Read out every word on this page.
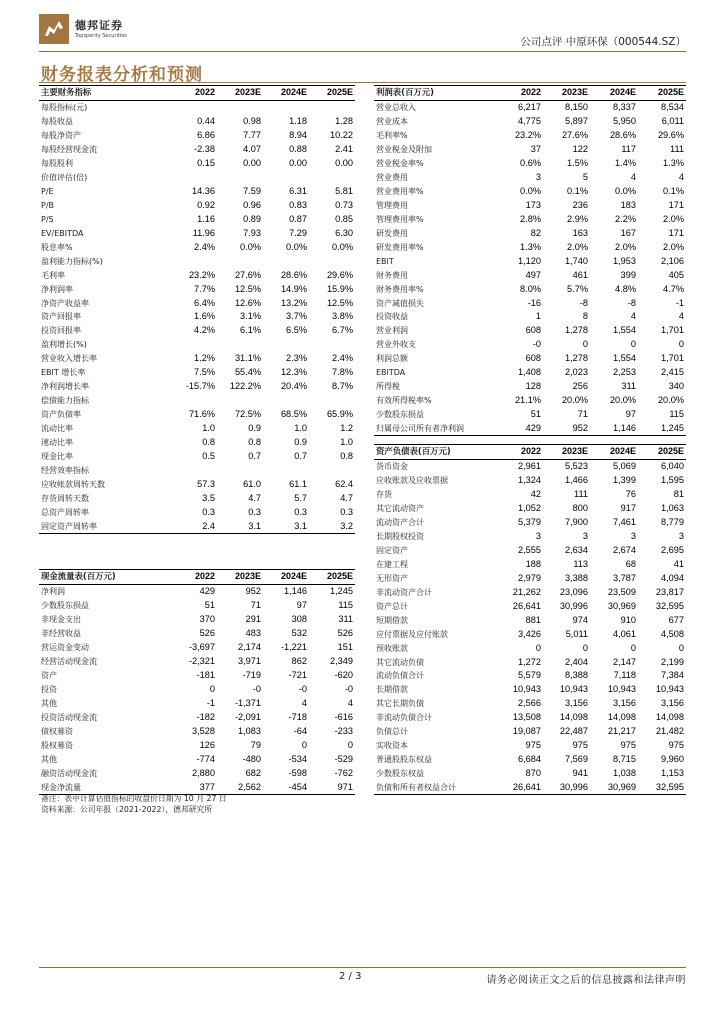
德邦证券
Topsperity Securities	公司点评 中原环保（000544.SZ）
财务报表分析和预测
主要财务指标	2022	2023E	2024E	2025E
每股指标(元)				
每股收益	0.44	0.98	1.18	1.28
每股净资产	6.86	7.77	8.94	10.22
每股经营现金流	-2.38	4.07	0.88	2.41
每股股利	0.15	0.00	0.00	0.00
价值评估(倍)				
P/E	14.36	7.59	6.31	5.81
P/B	0.92	0.96	0.83	0.73
P/S	1.16	0.89	0.87	0.85
EV/EBITDA	11.96	7.93	7.29	6.30
股息率%	2.4%	0.0%	0.0%	0.0%
盈利能力指标(%)				
毛利率	23.2%	27.6%	28.6%	29.6%
净利润率	7.7%	12.5%	14.9%	15.9%
净资产收益率	6.4%	12.6%	13.2%	12.5%
资产回报率	1.6%	3.1%	3.7%	3.8%
投资回报率	4.2%	6.1%	6.5%	6.7%
盈利增长(%)				
营业收入增长率	1.2%	31.1%	2.3%	2.4%
EBIT 增长率	7.5%	55.4%	12.3%	7.8%
净利润增长率	-15.7%	122.2%	20.4%	8.7%
偿债能力指标				
资产负债率	71.6%	72.5%	68.5%	65.9%
流动比率	1.0	0.9	1.0	1.2
速动比率	0.8	0.8	0.9	1.0
现金比率	0.5	0.7	0.7	0.8
经营效率指标				
应收帐款周转天数	57.3	61.0	61.1	62.4
存货周转天数	3.5	4.7	5.7	4.7
总资产周转率	0.3	0.3	0.3	0.3
固定资产周转率	2.4	3.1	3.1	3.2
现金流量表(百万元)	2022	2023E	2024E	2025E
净利润	429	952	1,146	1,245
少数股东损益	51	71	97	115
非现金支出	370	291	308	311
非经营收益	526	483	532	526
营运资金变动	-3,697	2,174	-1,221	151
经营活动现金流	-2,321	3,971	862	2,349
资产	-181	-719	-721	-620
投资	0	-0	-0	-0
其他	-1	-1,371	4	4
投资活动现金流	-182	-2,091	-718	-616
债权募资	3,528	1,083	-64	-233
股权募资	126	79	0	0
其他	-774	-480	-534	-529
融资活动现金流	2,880	682	-598	-762
现金净流量	377	2,562	-454	971
利润表(百万元)	2022	2023E	2024E	2025E
营业总收入	6,217	8,150	8,337	8,534
营业成本	4,775	5,897	5,950	6,011
毛利率%	23.2%	27.6%	28.6%	29.6%
营业税金及附加	37	122	117	111
营业税金率%	0.6%	1.5%	1.4%	1.3%
营业费用	3	5	4	4
营业费用率%	0.0%	0.1%	0.0%	0.1%
管理费用	173	236	183	171
管理费用率%	2.8%	2.9%	2.2%	2.0%
研发费用	82	163	167	171
研发费用率%	1.3%	2.0%	2.0%	2.0%
EBIT	1,120	1,740	1,953	2,106
财务费用	497	461	399	405
财务费用率%	8.0%	5.7%	4.8%	4.7%
资产减值损失	-16	-8	-8	-1
投资收益	1	8	4	4
营业利润	608	1,278	1,554	1,701
营业外收支	-0	0	0	0
利润总额	608	1,278	1,554	1,701
EBITDA	1,408	2,023	2,253	2,415
所得税	128	256	311	340
有效所得税率%	21.1%	20.0%	20.0%	20.0%
少数股东损益	51	71	97	115
归属母公司所有者净利润	429	952	1,146	1,245
资产负债表(百万元)	2022	2023E	2024E	2025E
货币资金	2,961	5,523	5,069	6,040
应收账款及应收票据	1,324	1,466	1,399	1,595
存货	42	111	76	81
其它流动资产	1,052	800	917	1,063
流动资产合计	5,379	7,900	7,461	8,779
长期股权投资	3	3	3	3
固定资产	2,555	2,634	2,674	2,695
在建工程	188	113	68	41
无形资产	2,979	3,388	3,787	4,094
非流动资产合计	21,262	23,096	23,509	23,817
资产总计	26,641	30,996	30,969	32,595
短期借款	881	974	910	677
应付票据及应付账款	3,426	5,011	4,061	4,508
预收账款	0	0	0	0
其它流动负债	1,272	2,404	2,147	2,199
流动负债合计	5,579	8,388	7,118	7,384
长期借款	10,943	10,943	10,943	10,943
其它长期负债	2,566	3,156	3,156	3,156
非流动负债合计	13,508	14,098	14,098	14,098
负债总计	19,087	22,487	21,217	21,482
实收资本	975	975	975	975
普通股股东权益	6,684	7,569	8,715	9,960
少数股东权益	870	941	1,038	1,153
负债和所有者权益合计	26,641	30,996	30,969	32,595
备注：表中计算估值指标的收盘价日期为 10 月 27 日
资料来源：公司年报（2021-2022），德邦研究所
2 / 3	请务必阅读正文之后的信息披露和法律声明
